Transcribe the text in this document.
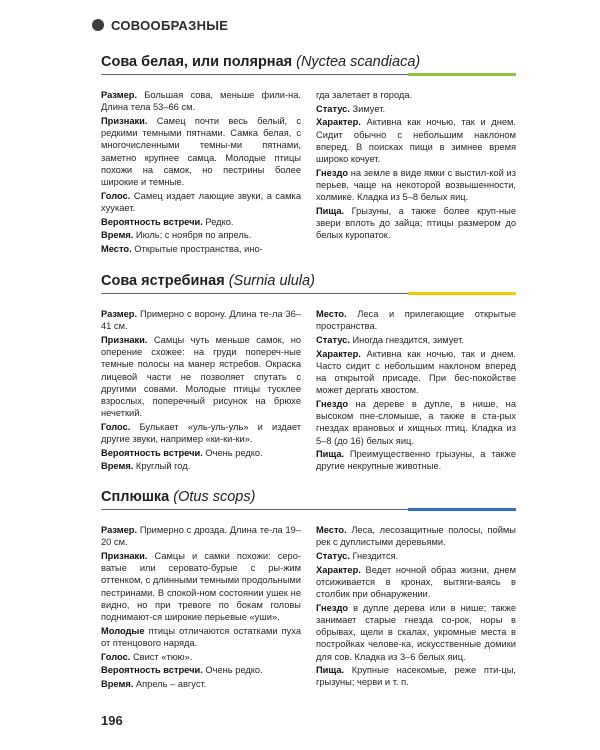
СОВООБРАЗНЫЕ
Сова белая, или полярная (Nyctea scandiaca)

Размер. Большая сова, меньше фили-на. Длина тела 53–66 см.

Признаки. Самец почти весь белый, с редкими темными пятнами. Самка белая, с многочисленными темны-ми пятнами, заметно крупнее самца. Молодые птицы похожи на самок, но пестрины более широкие и темные.

Голос. Самец издает лающие звуки, а самка хуукает.

Вероятность встречи. Редко.

Время. Июль; с ноября по апрель.

Место. Открытые пространства, ино-

гда залетает в города.

Статус. Зимует.

Характер. Активна как ночью, так и днем. Сидит обычно с небольшим наклоном вперед. В поисках пищи в зимнее время широко кочует.

Гнездо на земле в виде ямки с выстил-кой из перьев, чаще на некоторой возвышенности, холмике. Кладка из 5–8 белых яиц.

Пища. Грызуны, а также более круп-ные звери вплоть до зайца; птицы размером до белых куропаток.

Сова ястребиная (Surnia ulula)

Размер. Примерно с ворону. Длина те-ла 36–41 см.

Признаки. Самцы чуть меньше самок, но оперение схожее: на груди попереч-ные темные полосы на манер ястребов. Окраска лицевой части не позволяет спутать с другими совами. Молодые птицы тусклее взрослых, поперечный рисунок на брюхе нечеткий.

Голос. Булькает «уль-уль-уль» и издает другие звуки, например «ки-ки-ки».

Вероятность встречи. Очень редко.

Время. Круглый год.

Место. Леса и прилегающие открытые пространства.

Статус. Иногда гнездится, зимует.

Характер. Активна как ночью, так и днем. Часто сидит с небольшим наклоном вперед на открытой присаде. При бес-покойстве может дергать хвостом.

Гнездо на дереве в дупле, в нише, на высоком пне-сломыше, а также в ста-рых гнездах врановых и хищных птиц. Кладка из 5–8 (до 16) белых яиц.

Пища. Преимущественно грызуны, а также другие некрупные животные.

Сплюшка (Otus scops)

Размер. Примерно с дрозда. Длина те-ла 19–20 см.

Признаки. Самцы и самки похожи: сероватые или серовато-бурые с ры-жим оттенком, с длинными темными продольными пестринами. В спокой-ном состоянии ушек не видно, но при тревоге по бокам головы поднимают-ся широкие перьевые «уши».

Молодые птицы отличаются остатками пуха от птенцового наряда.

Голос. Свист «тюю».

Вероятность встречи. Очень редко.

Время. Апрель – август.

Место. Леса, лесозащитные полосы, поймы рек с дуплистыми деревьями.

Статус. Гнездится.

Характер. Ведет ночной образ жизни, днем отсиживается в кронах, вытяги-ваясь в столбик при обнаружении.

Гнездо в дупле дерева или в нише; также занимает старые гнезда со-рок, норы в обрывах, щели в скалах, укромные места в постройках челове-ка, искусственные домики для сов. Кладка из 3–6 белых яиц.

Пища. Крупные насекомые, реже пти-цы, грызуны; черви и т. п.

196
